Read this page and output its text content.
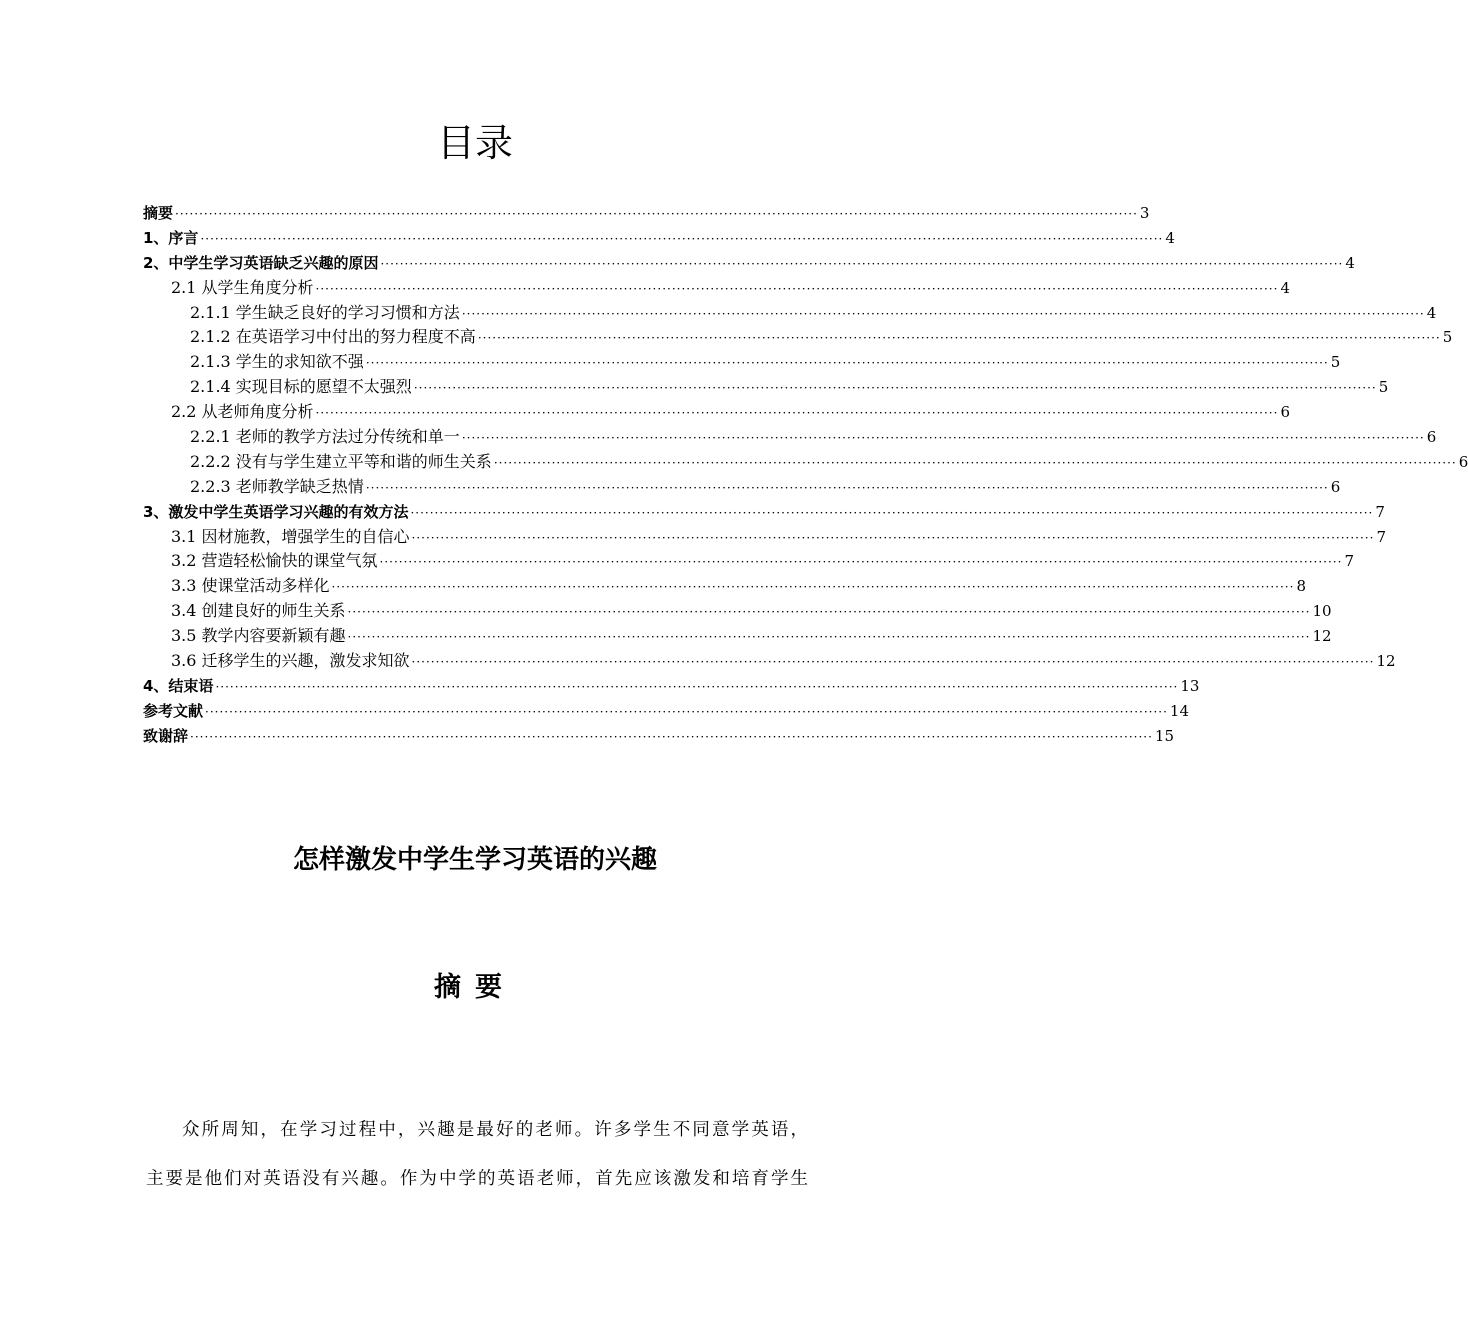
目录
摘要 ········································································································································································································ 3
1、序言 ········································································································································································································ 4
2、中学生学习英语缺乏兴趣的原因 ········································································································································································································ 4
2.1 从学生角度分析 ········································································································································································································ 4
2.1.1 学生缺乏良好的学习习惯和方法 ········································································································································································································ 4
2.1.2 在英语学习中付出的努力程度不高 ········································································································································································································ 5
2.1.3 学生的求知欲不强 ········································································································································································································ 5
2.1.4 实现目标的愿望不太强烈 ········································································································································································································ 5
2.2 从老师角度分析 ········································································································································································································ 6
2.2.1 老师的教学方法过分传统和单一 ········································································································································································································ 6
2.2.2 没有与学生建立平等和谐的师生关系 ········································································································································································································ 6
2.2.3 老师教学缺乏热情 ········································································································································································································ 6
3、激发中学生英语学习兴趣的有效方法 ········································································································································································································ 7
3.1 因材施教，增强学生的自信心 ········································································································································································································ 7
3.2 营造轻松愉快的课堂气氛 ········································································································································································································ 7
3.3 使课堂活动多样化 ········································································································································································································ 8
3.4 创建良好的师生关系 ········································································································································································································ 10
3.5 教学内容要新颖有趣 ········································································································································································································ 12
3.6 迁移学生的兴趣，激发求知欲 ········································································································································································································ 12
4、结束语 ········································································································································································································ 13
参考文献 ········································································································································································································ 14
致谢辞 ········································································································································································································ 15
怎样激发中学生学习英语的兴趣
摘要

众所周知，在学习过程中，兴趣是最好的老师。许多学生不同意学英语，
主要是他们对英语没有兴趣。作为中学的英语老师，首先应该激发和培育学生
